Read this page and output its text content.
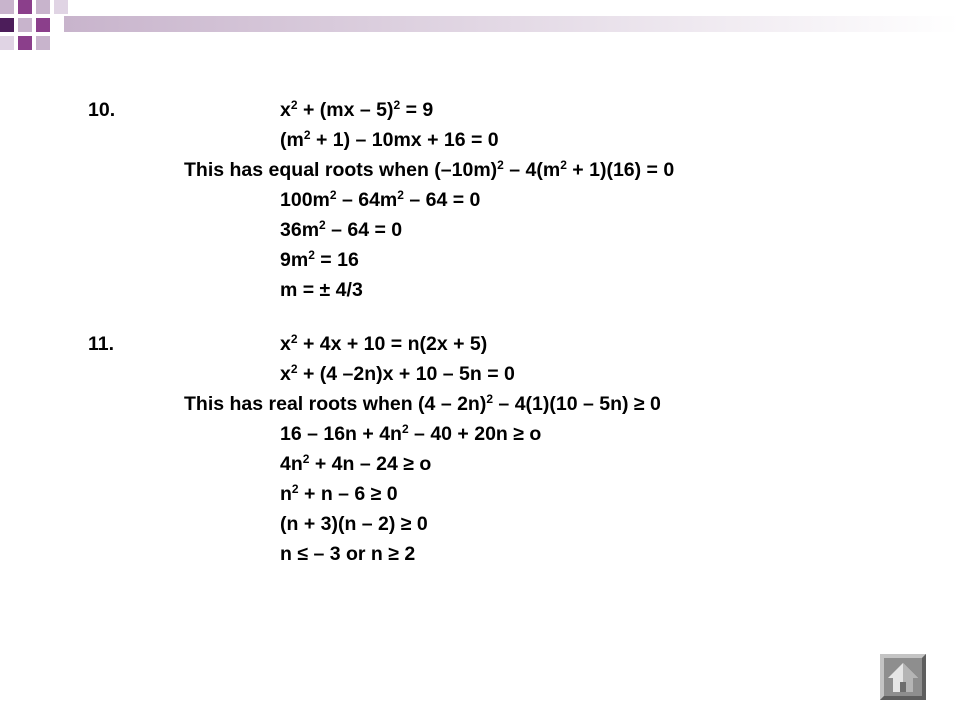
10.	$x^2 + (mx - 5)^2 = 9$
$(m^2 + 1) - 10mx + 16 = 0$
This has equal roots when $(-10m)^2 - 4(m^2 + 1)(16) = 0$
$100m^2 - 64m^2 - 64 = 0$
$36m^2 - 64 = 0$
$9m^2 = 16$
m = ± 4/3
11.	$x^2 + 4x + 10 = n(2x + 5)$
$x^2 + (4$ –2n)x + 10 – 5n = 0
This has real roots when (4 – 2n)$^2$ – 4(1)(10 – 5n) ≥ 0
$16 - 16n + 4n^2 - 40 + 20n \ge o$
$4n^2 + 4n - 24 \ge o$
$n^2 + n - 6 \ge 0$
(n + 3)(n – 2) ≥ 0
n ≤ – 3 or n ≥ 2
